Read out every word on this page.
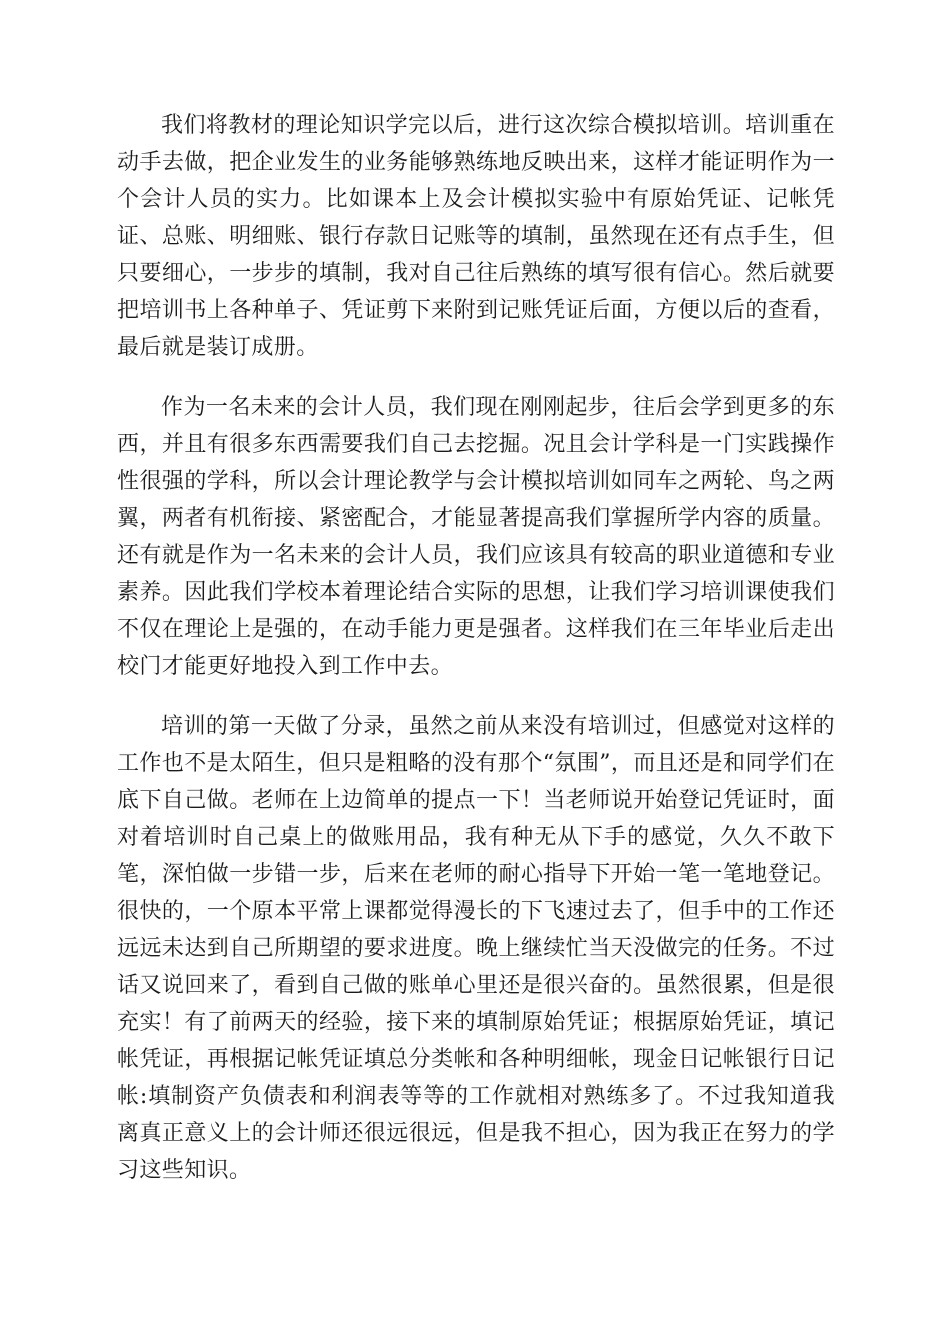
我们将教材的理论知识学完以后，进行这次综合模拟培训。培训重在动手去做，把企业发生的业务能够熟练地反映出来，这样才能证明作为一个会计人员的实力。比如课本上及会计模拟实验中有原始凭证、记帐凭证、总账、明细账、银行存款日记账等的填制，虽然现在还有点手生，但只要细心，一步步的填制，我对自己往后熟练的填写很有信心。然后就要把培训书上各种单子、凭证剪下来附到记账凭证后面，方便以后的查看，最后就是装订成册。

作为一名未来的会计人员，我们现在刚刚起步，往后会学到更多的东西，并且有很多东西需要我们自己去挖掘。况且会计学科是一门实践操作性很强的学科，所以会计理论教学与会计模拟培训如同车之两轮、鸟之两翼，两者有机衔接、紧密配合，才能显著提高我们掌握所学内容的质量。还有就是作为一名未来的会计人员，我们应该具有较高的职业道德和专业素养。因此我们学校本着理论结合实际的思想，让我们学习培训课使我们不仅在理论上是强的，在动手能力更是强者。这样我们在三年毕业后走出校门才能更好地投入到工作中去。

培训的第一天做了分录，虽然之前从来没有培训过，但感觉对这样的工作也不是太陌生，但只是粗略的没有那个“氛围”，而且还是和同学们在底下自己做。老师在上边简单的提点一下！当老师说开始登记凭证时，面对着培训时自己桌上的做账用品，我有种无从下手的感觉，久久不敢下笔，深怕做一步错一步，后来在老师的耐心指导下开始一笔一笔地登记。很快的，一个原本平常上课都觉得漫长的下飞速过去了，但手中的工作还远远未达到自己所期望的要求进度。晚上继续忙当天没做完的任务。不过话又说回来了，看到自己做的账单心里还是很兴奋的。虽然很累，但是很充实！有了前两天的经验，接下来的填制原始凭证；根据原始凭证，填记帐凭证，再根据记帐凭证填总分类帐和各种明细帐，现金日记帐银行日记帐:填制资产负债表和利润表等等的工作就相对熟练多了。不过我知道我离真正意义上的会计师还很远很远，但是我不担心，因为我正在努力的学习这些知识。
